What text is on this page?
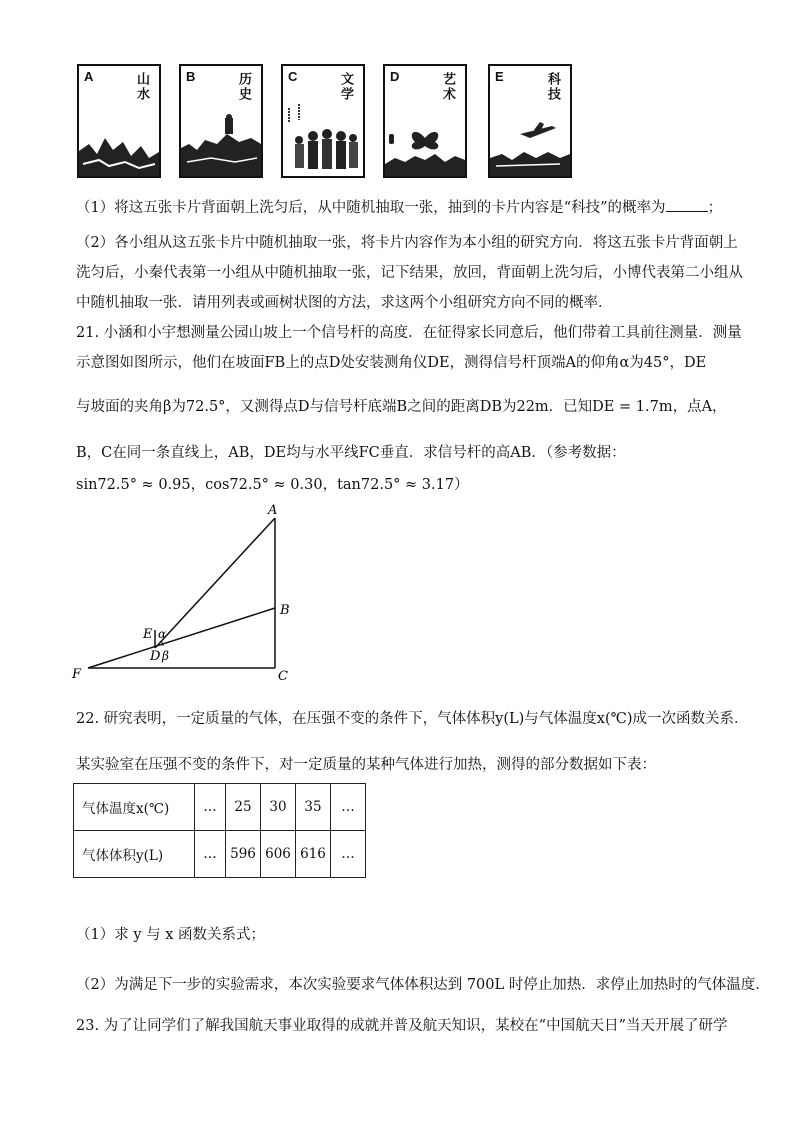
A	山水	B	历史	C	文学	D	艺术	E	科技
（1）将这五张卡片背面朝上洗匀后，从中随机抽取一张，抽到的卡片内容是“科技”的概率为	；
（2）各小组从这五张卡片中随机抽取一张，将卡片内容作为本小组的研究方向．将这五张卡片背面朝上
洗匀后，小秦代表第一小组从中随机抽取一张，记下结果，放回，背面朝上洗匀后，小博代表第二小组从
中随机抽取一张．请用列表或画树状图的方法，求这两个小组研究方向不同的概率．
21. 小涵和小宇想测量公园山坡上一个信号杆的高度．在征得家长同意后，他们带着工具前往测量．测量
示意图如图所示，他们在坡面FB上的点D处安装测角仪DE，测得信号杆顶端A的仰角α为45°，DE
与坡面的夹角β为72.5°，又测得点D与信号杆底端B之间的距离DB为22m．已知DE = 1.7m，点A，
B，C在同一条直线上，AB，DE均与水平线FC垂直．求信号杆的高AB．（参考数据：
sin72.5° ≈ 0.95，cos72.5° ≈ 0.30，tan72.5° ≈ 3.17）
A
B
C
F
E α
D β
22. 研究表明，一定质量的气体，在压强不变的条件下，气体体积y(L)与气体温度x(℃)成一次函数关系．
某实验室在压强不变的条件下，对一定质量的某种气体进行加热，测得的部分数据如下表：
气体温度x(℃)	…	25	30	35	…
气体体积y(L)	…	596	606	616	…
（1）求 y 与 x 函数关系式；
（2）为满足下一步的实验需求，本次实验要求气体体积达到 700L 时停止加热．求停止加热时的气体温度．
23. 为了让同学们了解我国航天事业取得的成就并普及航天知识，某校在“中国航天日”当天开展了研学
